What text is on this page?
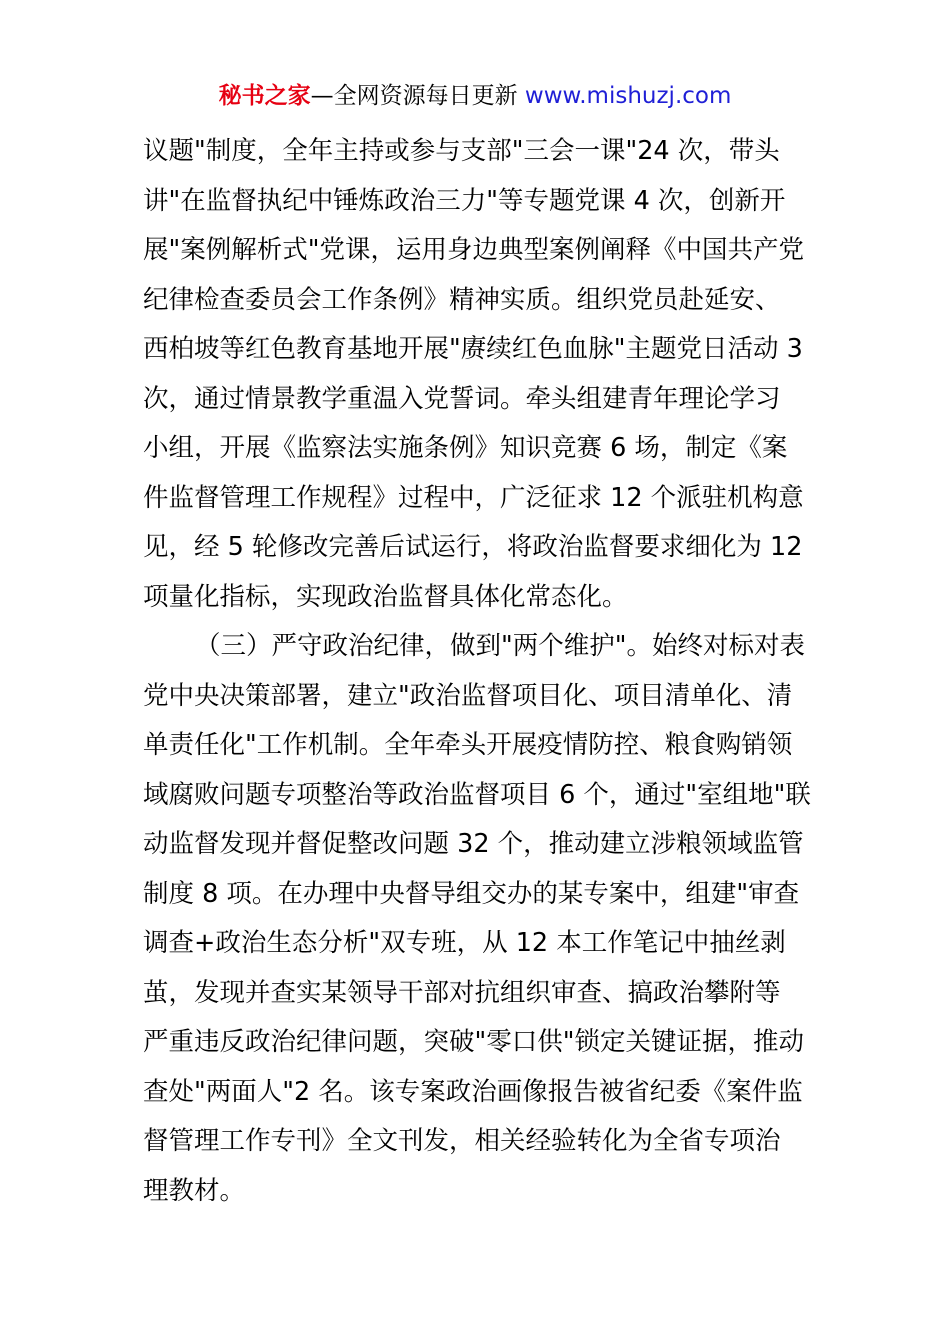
秘书之家—全网资源每日更新 www.mishuzj.com
议题"制度，全年主持或参与支部"三会一课"24 次，带头
讲"在监督执纪中锤炼政治三力"等专题党课 4 次，创新开
展"案例解析式"党课，运用身边典型案例阐释《中国共产党
纪律检查委员会工作条例》精神实质。组织党员赴延安、
西柏坡等红色教育基地开展"赓续红色血脉"主题党日活动 3
次，通过情景教学重温入党誓词。牵头组建青年理论学习
小组，开展《监察法实施条例》知识竞赛 6 场，制定《案
件监督管理工作规程》过程中，广泛征求 12 个派驻机构意
见，经 5 轮修改完善后试运行，将政治监督要求细化为 12
项量化指标，实现政治监督具体化常态化。
（三）严守政治纪律，做到"两个维护"。始终对标对表
党中央决策部署，建立"政治监督项目化、项目清单化、清
单责任化"工作机制。全年牵头开展疫情防控、粮食购销领
域腐败问题专项整治等政治监督项目 6 个，通过"室组地"联
动监督发现并督促整改问题 32 个，推动建立涉粮领域监管
制度 8 项。在办理中央督导组交办的某专案中，组建"审查
调查+政治生态分析"双专班，从 12 本工作笔记中抽丝剥
茧，发现并查实某领导干部对抗组织审查、搞政治攀附等
严重违反政治纪律问题，突破"零口供"锁定关键证据，推动
查处"两面人"2 名。该专案政治画像报告被省纪委《案件监
督管理工作专刊》全文刊发，相关经验转化为全省专项治
理教材。
